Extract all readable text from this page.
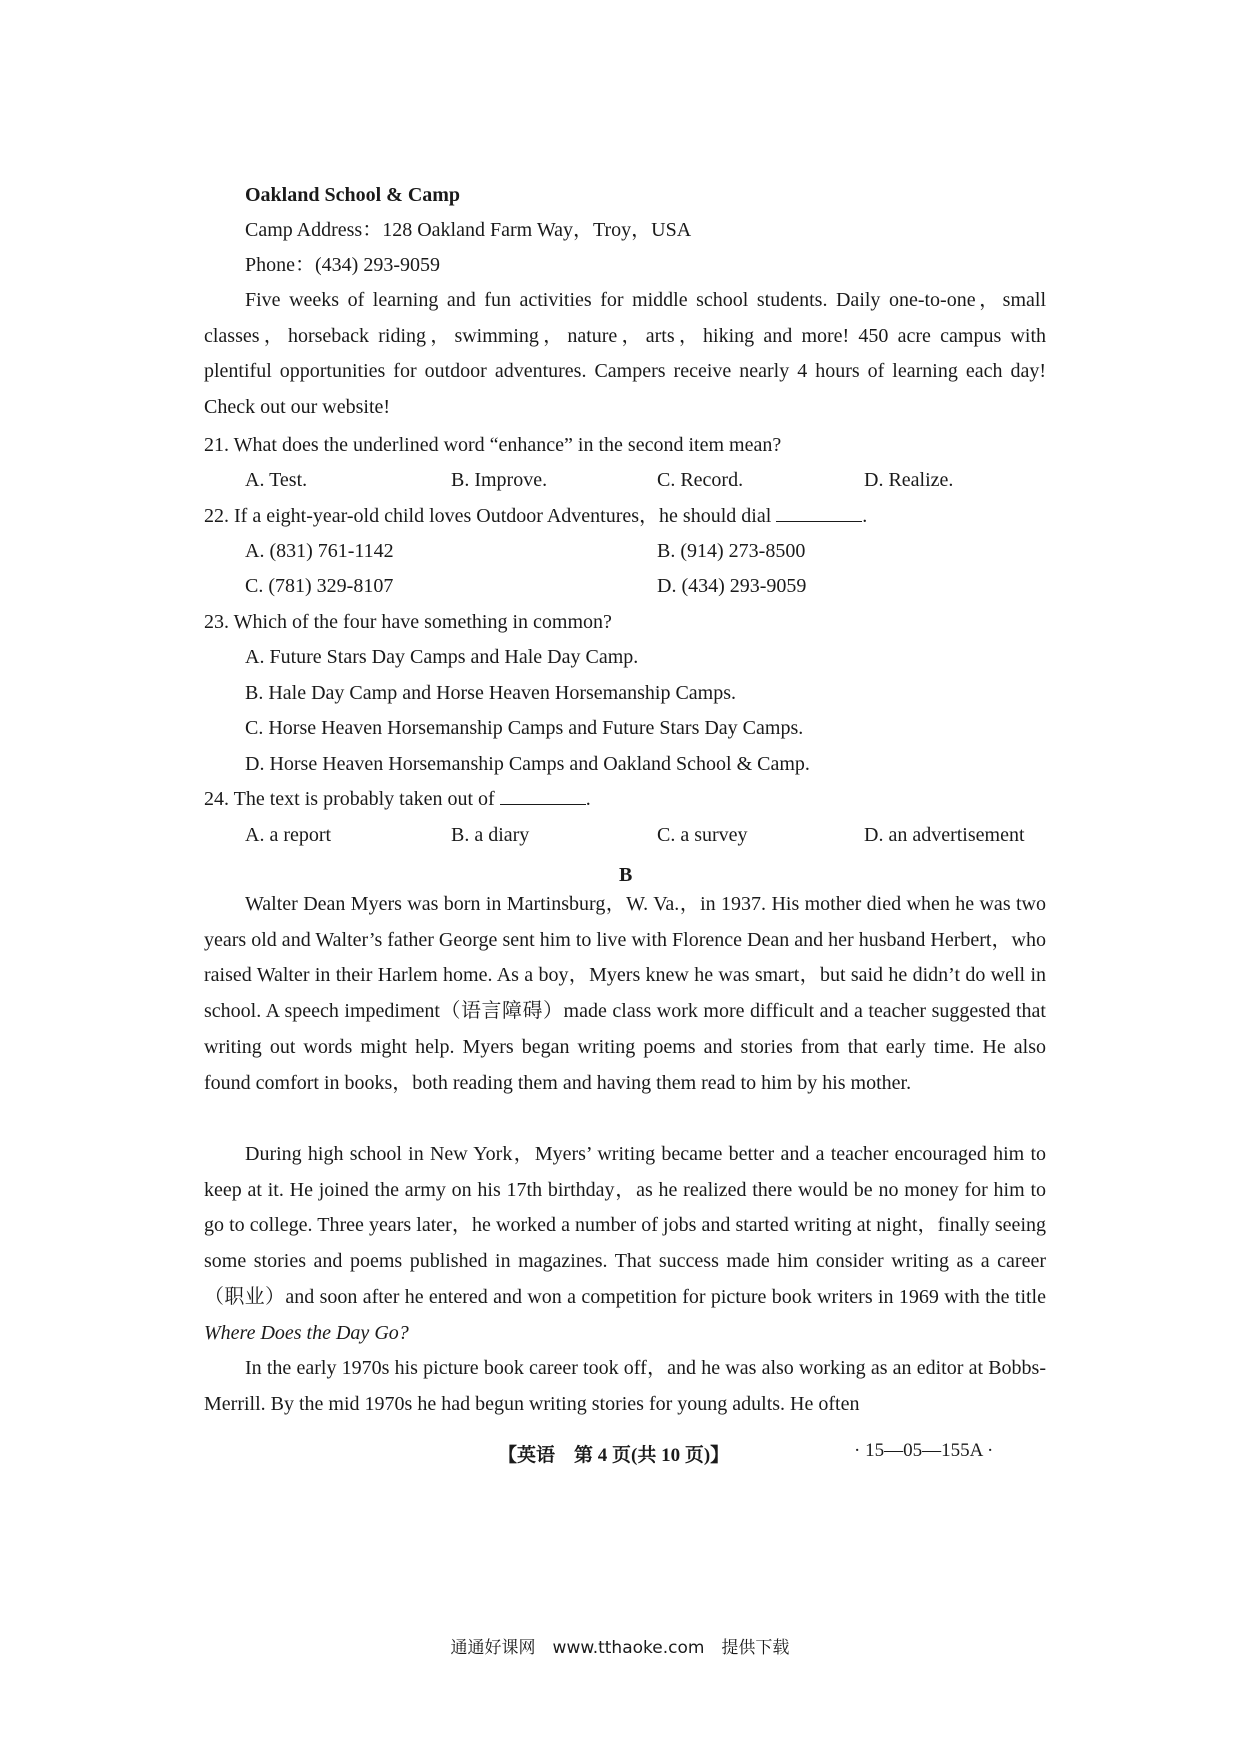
Oakland School & Camp
Camp Address：128 Oakland Farm Way，Troy，USA
Phone：(434) 293-9059
Five weeks of learning and fun activities for middle school students. Daily one-to-one，small classes，horseback riding，swimming，nature，arts，hiking and more! 450 acre campus with plentiful opportunities for outdoor adventures. Campers receive nearly 4 hours of learning each day! Check out our website!
21. What does the underlined word “enhance” in the second item mean?
A. Test.	B. Improve.	C. Record.	D. Realize.
22. If a eight-year-old child loves Outdoor Adventures，he should dial	.
A. (831) 761-1142	B. (914) 273-8500
C. (781) 329-8107	D. (434) 293-9059
23. Which of the four have something in common?
A. Future Stars Day Camps and Hale Day Camp.
B. Hale Day Camp and Horse Heaven Horsemanship Camps.
C. Horse Heaven Horsemanship Camps and Future Stars Day Camps.
D. Horse Heaven Horsemanship Camps and Oakland School & Camp.
24. The text is probably taken out of	.
A. a report	B. a diary	C. a survey	D. an advertisement
B
Walter Dean Myers was born in Martinsburg，W. Va.，in 1937. His mother died when he was two years old and Walter’s father George sent him to live with Florence Dean and her husband Herbert，who raised Walter in their Harlem home. As a boy，Myers knew he was smart，but said he didn’t do well in school. A speech impediment（语言障碍）made class work more difficult and a teacher suggested that writing out words might help. Myers began writing poems and stories from that early time. He also found comfort in books，both reading them and having them read to him by his mother.
During high school in New York，Myers’ writing became better and a teacher encouraged him to keep at it. He joined the army on his 17th birthday，as he realized there would be no money for him to go to college. Three years later，he worked a number of jobs and started writing at night，finally seeing some stories and poems published in magazines. That success made him consider writing as a career（职业）and soon after he entered and won a competition for picture book writers in 1969 with the title Where Does the Day Go?
In the early 1970s his picture book career took off，and he was also working as an editor at Bobbs-Merrill. By the mid 1970s he had begun writing stories for young adults. He often
【英语　第 4 页(共 10 页)】	· 15—05—155A ·
通通好课网　www.tthaoke.com　提供下载
